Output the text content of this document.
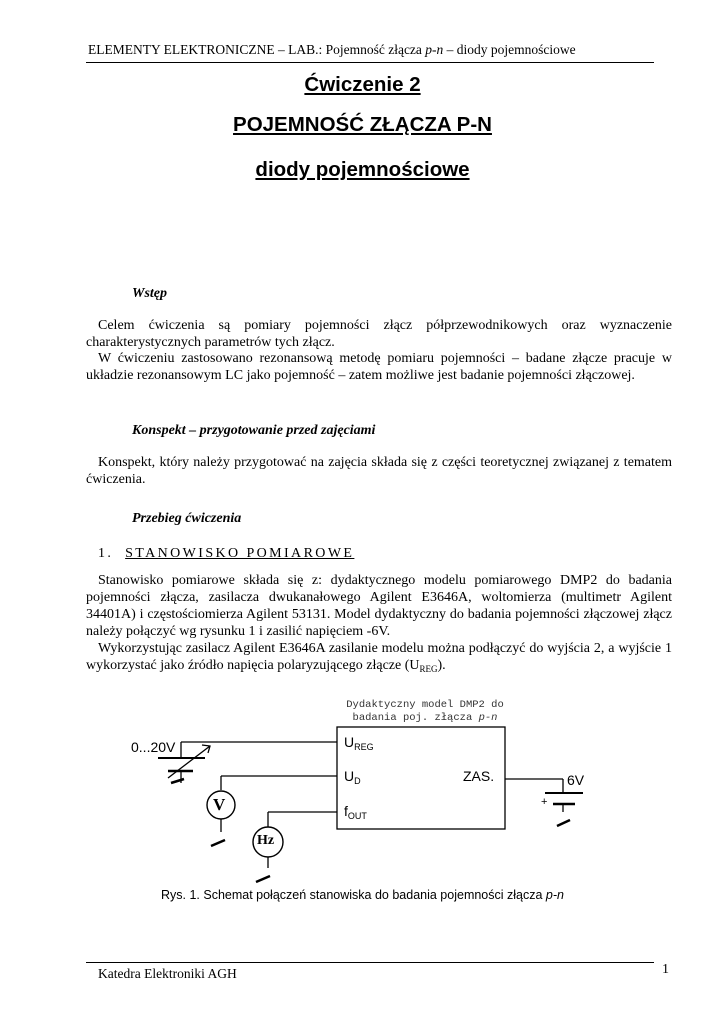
ELEMENTY ELEKTRONICZNE – LAB.: Pojemność złącza p-n – diody pojemnościowe
Ćwiczenie 2
POJEMNOŚĆ ZŁĄCZA P-N
diody pojemnościowe
Wstęp
Celem ćwiczenia są pomiary pojemności złącz półprzewodnikowych oraz wyznaczenie charakterystycznych parametrów tych złącz.
W ćwiczeniu zastosowano rezonansową metodę pomiaru pojemności – badane złącze pracuje w układzie rezonansowym LC jako pojemność – zatem możliwe jest badanie pojemności złączowej.
Konspekt – przygotowanie przed zajęciami
Konspekt, który należy przygotować na zajęcia składa się z części teoretycznej związanej z tematem ćwiczenia.
Przebieg ćwiczenia
1. STANOWISKO POMIAROWE
Stanowisko pomiarowe składa się z: dydaktycznego modelu pomiarowego DMP2 do badania pojemności złącza, zasilacza dwukanałowego Agilent E3646A, woltomierza (multimetr Agilent 34401A) i częstościomierza Agilent 53131. Model dydaktyczny do badania pojemności złączowej złącz należy połączyć wg rysunku 1 i zasilić napięciem -6V.
Wykorzystując zasilacz Agilent E3646A zasilanie modelu można podłączyć do wyjścia 2, a wyjście 1 wykorzystać jako źródło napięcia polaryzującego złącze $(U_{REG})$.
Dydaktyczny model DMP2 do
badania poj. złącza p-n
0...20V	$U_{REG}$
$U_D$
$f_{OUT}$
ZAS.	6V
+
V
Hz
Rys. 1. Schemat połączeń stanowiska do badania pojemności złącza p-n
Katedra Elektroniki AGH	1
